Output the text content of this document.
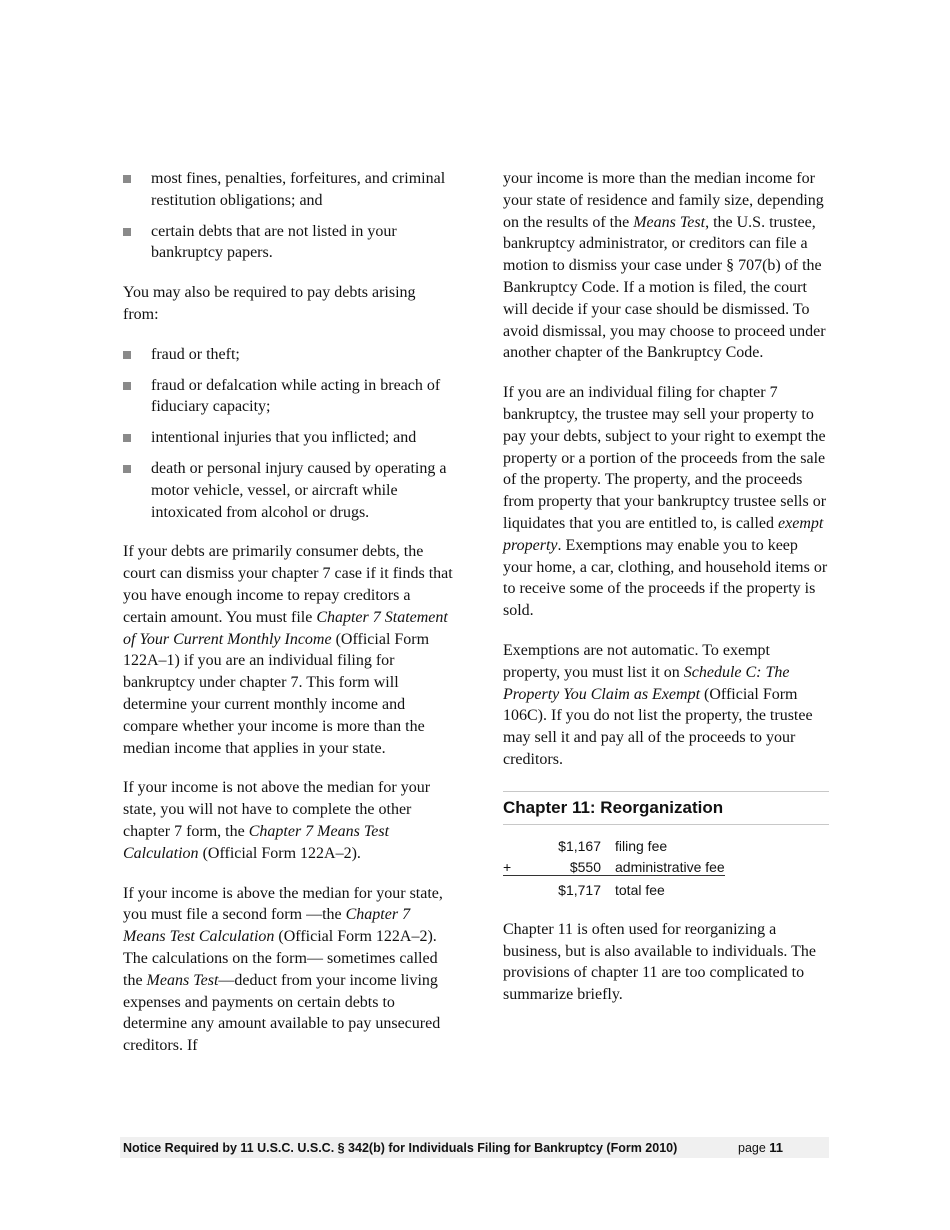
most fines, penalties, forfeitures, and criminal restitution obligations; and
certain debts that are not listed in your bankruptcy papers.

You may also be required to pay debts arising from:

fraud or theft;
fraud or defalcation while acting in breach of fiduciary capacity;
intentional injuries that you inflicted; and
death or personal injury caused by operating a motor vehicle, vessel, or aircraft while intoxicated from alcohol or drugs.

If your debts are primarily consumer debts, the court can dismiss your chapter 7 case if it finds that you have enough income to repay creditors a certain amount. You must file Chapter 7 Statement of Your Current Monthly Income (Official Form 122A–1) if you are an individual filing for bankruptcy under chapter 7. This form will determine your current monthly income and compare whether your income is more than the median income that applies in your state.

If your income is not above the median for your state, you will not have to complete the other chapter 7 form, the Chapter 7 Means Test Calculation (Official Form 122A–2).

If your income is above the median for your state, you must file a second form —the Chapter 7 Means Test Calculation (Official Form 122A–2). The calculations on the form— sometimes called the Means Test—deduct from your income living expenses and payments on certain debts to determine any amount available to pay unsecured creditors. If

your income is more than the median income for your state of residence and family size, depending on the results of the Means Test, the U.S. trustee, bankruptcy administrator, or creditors can file a motion to dismiss your case under § 707(b) of the Bankruptcy Code. If a motion is filed, the court will decide if your case should be dismissed. To avoid dismissal, you may choose to proceed under another chapter of the Bankruptcy Code.

If you are an individual filing for chapter 7 bankruptcy, the trustee may sell your property to pay your debts, subject to your right to exempt the property or a portion of the proceeds from the sale of the property. The property, and the proceeds from property that your bankruptcy trustee sells or liquidates that you are entitled to, is called exempt property. Exemptions may enable you to keep your home, a car, clothing, and household items or to receive some of the proceeds if the property is sold.

Exemptions are not automatic. To exempt property, you must list it on Schedule C: The Property You Claim as Exempt (Official Form 106C). If you do not list the property, the trustee may sell it and pay all of the proceeds to your creditors.

Chapter 11: Reorganization
$1,167	filing fee
+	$550	administrative fee
$1,717	total fee

Chapter 11 is often used for reorganizing a business, but is also available to individuals. The provisions of chapter 11 are too complicated to summarize briefly.

Notice Required by 11 U.S.C. U.S.C. § 342(b) for Individuals Filing for Bankruptcy (Form 2010)	page 11
